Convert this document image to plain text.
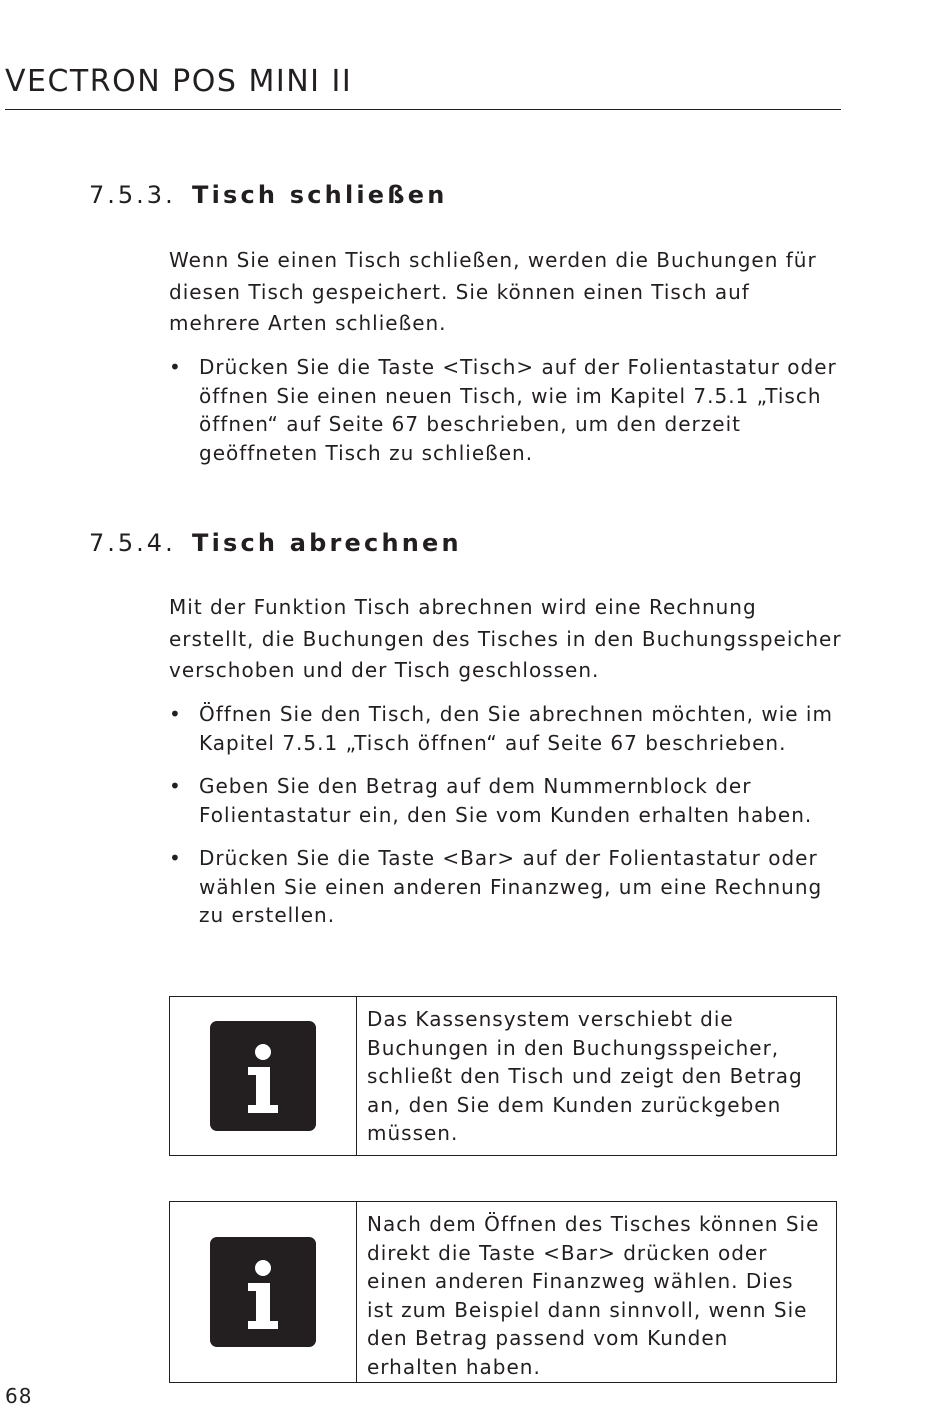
VECTRON POS MINI II
7.5.3. Tisch schließen

Wenn Sie einen Tisch schließen, werden die Buchungen für diesen Tisch gespeichert. Sie können einen Tisch auf mehrere Arten schließen.

• Drücken Sie die Taste <Tisch> auf der Folientastatur oder öffnen Sie einen neuen Tisch, wie im Kapitel 7.5.1 „Tisch öffnen“ auf Seite 67 beschrieben, um den derzeit geöffneten Tisch zu schließen.
7.5.4. Tisch abrechnen

Mit der Funktion Tisch abrechnen wird eine Rechnung erstellt, die Buchungen des Tisches in den Buchungsspeicher verschoben und der Tisch geschlossen.

• Öffnen Sie den Tisch, den Sie abrechnen möchten, wie im Kapitel 7.5.1 „Tisch öffnen“ auf Seite 67 beschrieben.
• Geben Sie den Betrag auf dem Nummernblock der Folientastatur ein, den Sie vom Kunden erhalten haben.
• Drücken Sie die Taste <Bar> auf der Folientastatur oder wählen Sie einen anderen Finanzweg, um eine Rechnung zu erstellen.

Das Kassensystem verschiebt die Buchungen in den Buchungsspeicher, schließt den Tisch und zeigt den Betrag an, den Sie dem Kunden zurückgeben müssen.

Nach dem Öffnen des Tisches können Sie direkt die Taste <Bar> drücken oder einen anderen Finanzweg wählen. Dies ist zum Beispiel dann sinnvoll, wenn Sie den Betrag passend vom Kunden erhalten haben.

68
